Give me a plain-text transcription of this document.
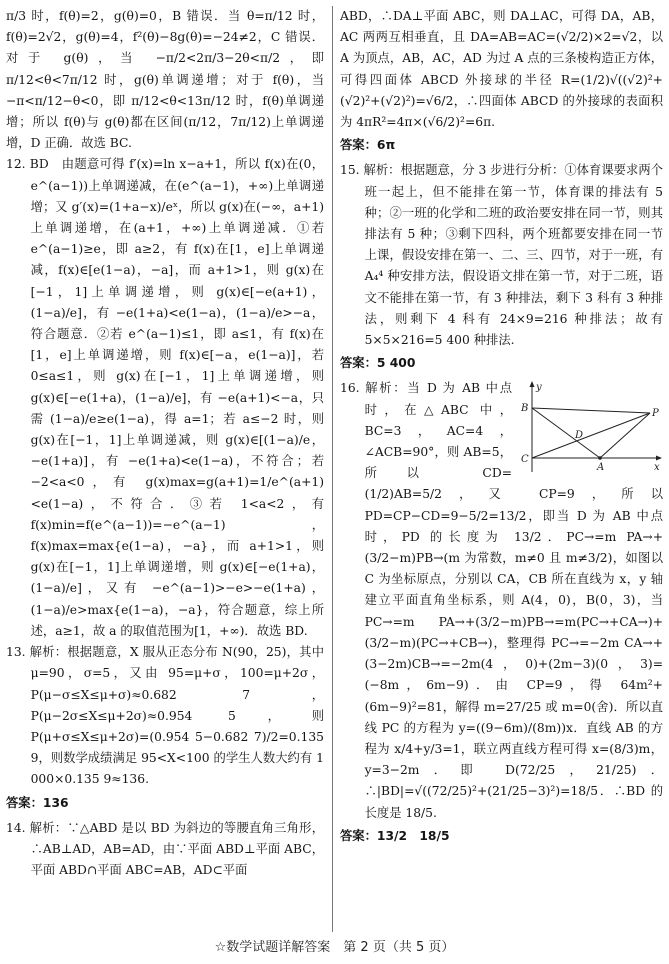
π/3 时，f(θ)=2，g(θ)=0，B 错误．当 θ=π/12 时，f(θ)=2√2，g(θ)=4，f²(θ)−8g(θ)=−24≠2，C 错误．对于 g(θ)，当 −π/2<2π/3−2θ<π/2，即 π/12<θ<7π/12 时，g(θ)单调递增；对于 f(θ)，当 −π<π/12−θ<0，即 π/12<θ<13π/12 时，f(θ)单调递增；所以 f(θ)与 g(θ)都在区间(π/12，7π/12)上单调递增，D 正确．故选 BC.

12. BD　由题意可得 f′(x)=ln x−a+1，所以 f(x)在(0，e^(a−1))上单调递减，在(e^(a−1)，+∞)上单调递增；又 g′(x)=(1+a−x)/eˣ，所以 g(x)在(−∞，a+1)上单调递增，在(a+1，+∞)上单调递减．①若 e^(a−1)≥e，即 a≥2，有 f(x)在[1，e]上单调递减，f(x)∈[e(1−a)，−a]，而 a+1>1，则 g(x)在[−1，1]上单调递增，则 g(x)∈[−e(a+1)，(1−a)/e]，有 −e(1+a)<e(1−a)，(1−a)/e>−a，符合题意．②若 e^(a−1)≤1，即 a≤1，有 f(x)在[1，e]上单调递增，则 f(x)∈[−a，e(1−a)]，若 0≤a≤1，则 g(x)在[−1，1]上单调递增，则 g(x)∈[−e(1+a)，(1−a)/e]，有 −e(a+1)<−a，只需 (1−a)/e≥e(1−a)，得 a=1；若 a≤−2 时，则 g(x)在[−1，1]上单调递减，则 g(x)∈[(1−a)/e，−e(1+a)]，有 −e(1+a)<e(1−a)，不符合；若 −2<a<0，有 g(x)max=g(a+1)=1/e^(a+1)<e(1−a)，不符合．③若 1<a<2，有 f(x)min=f(e^(a−1))=−e^(a−1)，f(x)max=max{e(1−a)，−a}，而 a+1>1，则 g(x)在[−1，1]上单调递增，则 g(x)∈[−e(1+a)，(1−a)/e]，又有 −e^(a−1)>−e>−e(1+a)，(1−a)/e>max{e(1−a)，−a}，符合题意，综上所述，a≥1，故 a 的取值范围为[1，+∞)．故选 BD.

13. 解析：根据题意，X 服从正态分布 N(90，25)，其中 μ=90，σ=5，又由 95=μ+σ，100=μ+2σ，P(μ−σ≤X≤μ+σ)≈0.682 7，P(μ−2σ≤X≤μ+2σ)≈0.954 5，则 P(μ+σ≤X≤μ+2σ)=(0.954 5−0.682 7)/2=0.135 9，则数学成绩满足 95<X<100 的学生人数大约有 1 000×0.135 9≈136.

答案：136

14. 解析：∵△ABD 是以 BD 为斜边的等腰直角三角形，∴AB⊥AD，AB=AD，由∵平面 ABD⊥平面 ABC，平面 ABD∩平面 ABC=AB，AD⊂平面

ABD，∴DA⊥平面 ABC，则 DA⊥AC，可得 DA，AB，AC 两两互相垂直，且 DA=AB=AC=(√2/2)×2=√2，以 A 为顶点，AB，AC，AD 为过 A 点的三条棱构造正方体，可得四面体 ABCD 外接球的半径 R=(1/2)√((√2)²+(√2)²+(√2)²)=√6/2，∴四面体 ABCD 的外接球的表面积为 4πR²=4π×(√6/2)²=6π.

答案：6π

15. 解析：根据题意，分 3 步进行分析：①体育课要求两个班一起上，但不能排在第一节，体育课的排法有 5 种；②一班的化学和二班的政治要安排在同一节，则其排法有 5 种；③剩下四科，两个班都要安排在同一节上课，假设安排在第一、二、三、四节，对于一班，有 A₄⁴ 种安排方法，假设语文排在第一节，对于二班，语文不能排在第一节，有 3 种排法，剩下 3 科有 3 种排法，则剩下 4 科有 24×9=216 种排法；故有 5×5×216=5 400 种排法.

答案：5 400

y
B	P
D
C
A	x

16. 解析：当 D 为 AB 中点时，在△ABC 中，BC=3，AC=4，∠ACB=90°，则 AB=5，所以 CD=(1/2)AB=5/2，又 CP=9，所以 PD=CP−CD=9−5/2=13/2，即当 D 为 AB 中点时，PD 的长度为 13/2．PC→=m PA→+(3/2−m)PB→(m 为常数，m≠0 且 m≠3/2)，如图以 C 为坐标原点，分别以 CA，CB 所在直线为 x，y 轴建立平面直角坐标系，则 A(4，0)，B(0，3)，当 PC→=m PA→+(3/2−m)PB→=m(PC→+CA→)+(3/2−m)(PC→+CB→)，整理得 PC→=−2m CA→+(3−2m)CB→=−2m(4，0)+(2m−3)(0，3)=(−8m，6m−9)．由 CP=9，得 64m²+(6m−9)²=81，解得 m=27/25 或 m=0(舍)．所以直线 PC 的方程为 y=((9−6m)/(8m))x．直线 AB 的方程为 x/4+y/3=1，联立两直线方程可得 x=(8/3)m，y=3−2m．即 D(72/25，21/25)．∴|BD|=√((72/25)²+(21/25−3)²)=18/5．∴BD 的长度是 18/5.

答案：13/2　18/5

☆数学试题详解答案　第 2 页（共 5 页）
